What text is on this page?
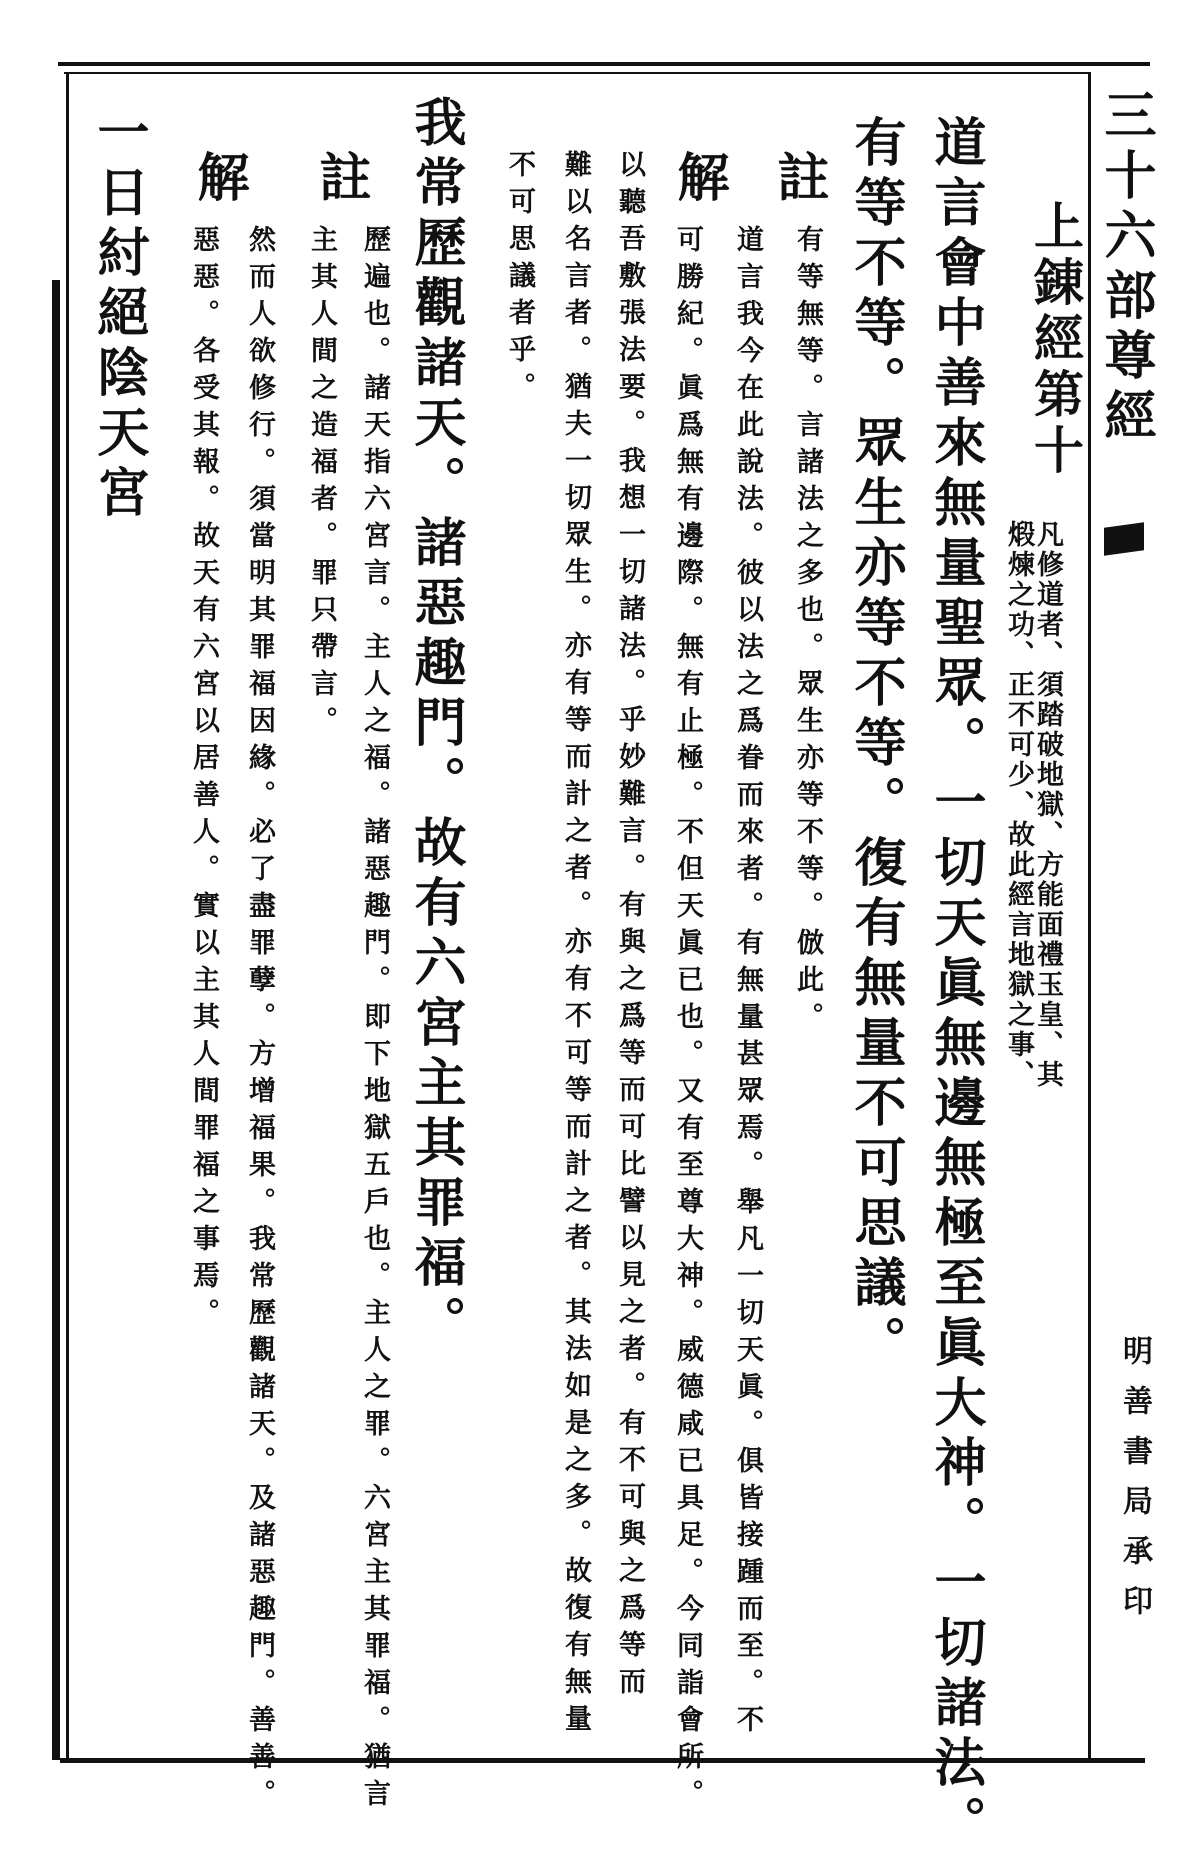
三十六部尊經
明善書局承印
上錬經第十
凡修道者、須踏破地獄、方能面禮玉皇、其
煅煉之功、正不可少、故此經言地獄之事、
道言會中善來無量聖眾。一切天眞無邊無極至眞大神。一切諸法。
有等不等。眾生亦等不等。復有無量不可思議。
註
有等無等。言諸法之多也。眾生亦等不等。倣此。
解
道言我今在此說法。彼以法之爲眷而來者。有無量甚眾焉。舉凡一切天眞。俱皆接踵而至。不
可勝紀。眞爲無有邊際。無有止極。不但天眞已也。又有至尊大神。威德咸已具足。今同詣會所。
以聽吾敷張法要。我想一切諸法。乎妙難言。有與之爲等而可比譬以見之者。有不可與之爲等而
難以名言者。猶夫一切眾生。亦有等而計之者。亦有不可等而計之者。其法如是之多。故復有無量
不可思議者乎。
我常歷觀諸天。諸惡趣門。故有六宮主其罪福。
註
歷遍也。諸天指六宮言。主人之福。諸惡趣門。即下地獄五戶也。主人之罪。六宮主其罪福。猶言
主其人間之造福者。罪只帶言。
解
然而人欲修行。須當明其罪福因緣。必了盡罪孽。方增福果。我常歷觀諸天。及諸惡趣門。善善。
惡惡。各受其報。故天有六宮以居善人。實以主其人間罪福之事焉。
一日紂絕陰天宮
